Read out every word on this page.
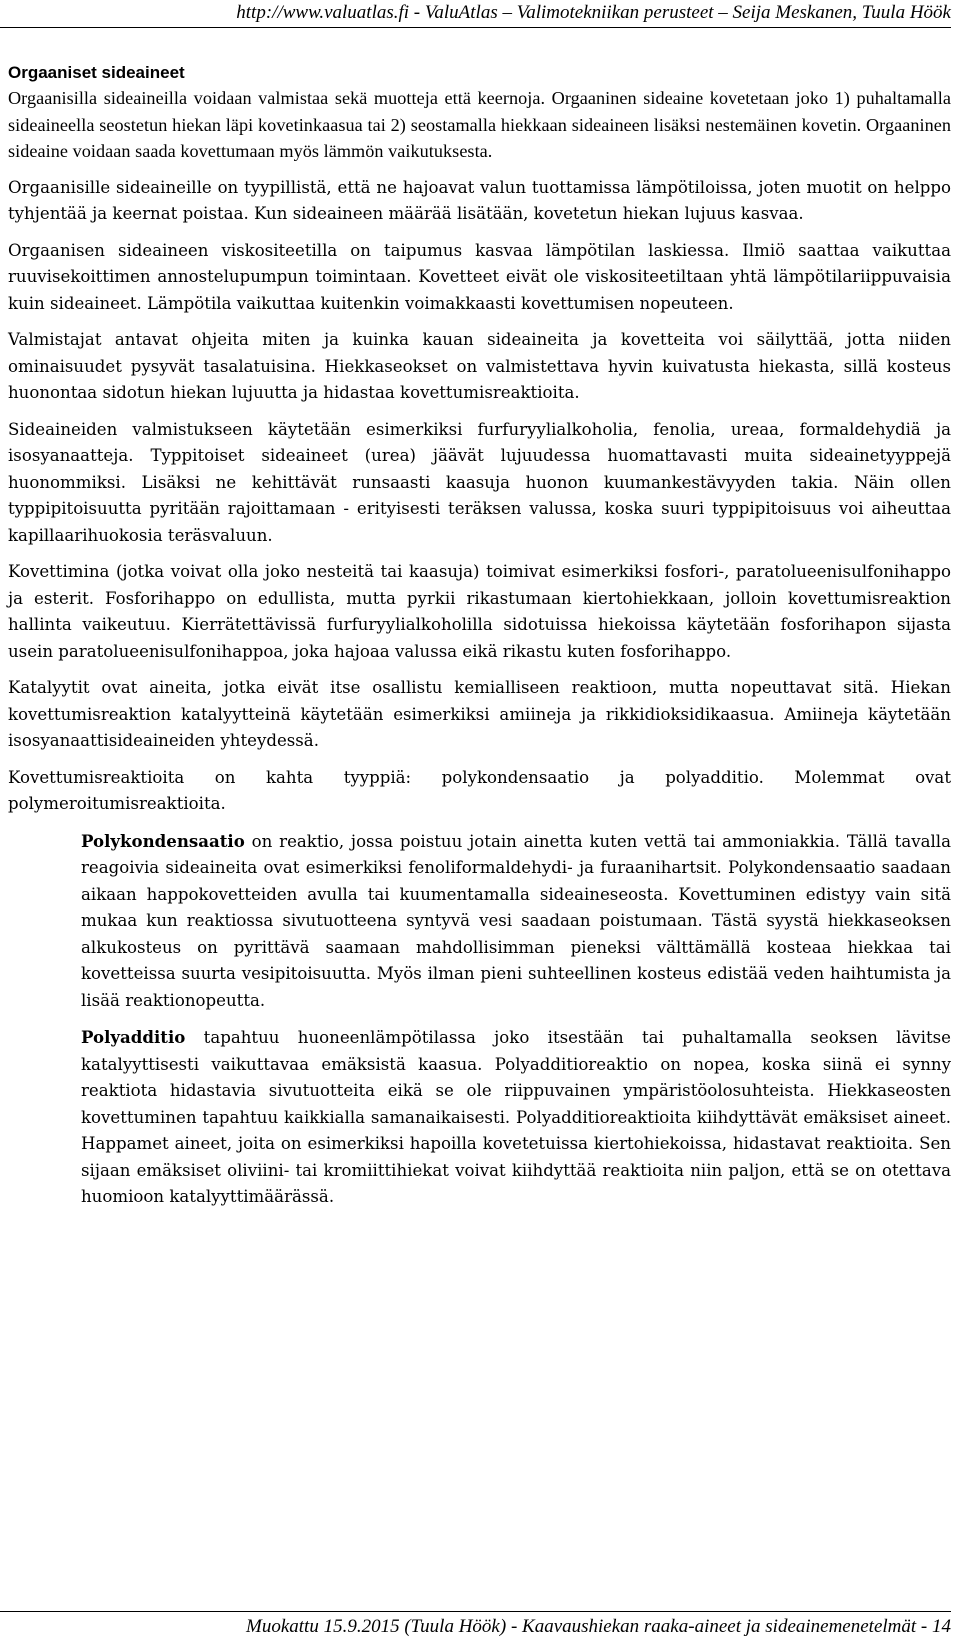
http://www.valuatlas.fi - ValuAtlas – Valimotekniikan perusteet – Seija Meskanen, Tuula Höök
Orgaaniset sideaineet

Orgaanisilla sideaineilla voidaan valmistaa sekä muotteja että keernoja. Orgaaninen sideaine kovetetaan joko 1) puhaltamalla sideaineella seostetun hiekan läpi kovetinkaasua tai 2) seostamalla hiekkaan sideaineen lisäksi nestemäinen kovetin. Orgaaninen sideaine voidaan saada kovettumaan myös lämmön vaikutuksesta.

Orgaanisille sideaineille on tyypillistä, että ne hajoavat valun tuottamissa lämpötiloissa, joten muotit on helppo tyhjentää ja keernat poistaa. Kun sideaineen määrää lisätään, kovetetun hiekan lujuus kasvaa.

Orgaanisen sideaineen viskositeetilla on taipumus kasvaa lämpötilan laskiessa. Ilmiö saattaa vaikuttaa ruuvisekoittimen annostelupumpun toimintaan. Kovetteet eivät ole viskositeetiltaan yhtä lämpötilariippuvaisia kuin sideaineet. Lämpötila vaikuttaa kuitenkin voimakkaasti kovettumisen nopeuteen.

Valmistajat antavat ohjeita miten ja kuinka kauan sideaineita ja kovetteita voi säilyttää, jotta niiden ominaisuudet pysyvät tasalatuisina. Hiekkaseokset on valmistettava hyvin kuivatusta hiekasta, sillä kosteus huonontaa sidotun hiekan lujuutta ja hidastaa kovettumisreaktioita.

Sideaineiden valmistukseen käytetään esimerkiksi furfuryylialkoholia, fenolia, ureaa, formaldehydiä ja isosyanaatteja. Typpitoiset sideaineet (urea) jäävät lujuudessa huomattavasti muita sideainetyyppejä huonommiksi. Lisäksi ne kehittävät runsaasti kaasuja huonon kuumankestävyyden takia. Näin ollen typpipitoisuutta pyritään rajoittamaan - erityisesti teräksen valussa, koska suuri typpipitoisuus voi aiheuttaa kapillaarihuokosia teräsvaluun.

Kovettimina (jotka voivat olla joko nesteitä tai kaasuja) toimivat esimerkiksi fosfori-, paratolueenisulfonihappo ja esterit. Fosforihappo on edullista, mutta pyrkii rikastumaan kiertohiekkaan, jolloin kovettumisreaktion hallinta vaikeutuu. Kierrätettävissä furfuryylialkoholilla sidotuissa hiekoissa käytetään fosforihapon sijasta usein paratolueenisulfonihappoa, joka hajoaa valussa eikä rikastu kuten fosforihappo.

Katalyytit ovat aineita, jotka eivät itse osallistu kemialliseen reaktioon, mutta nopeuttavat sitä. Hiekan kovettumisreaktion katalyytteinä käytetään esimerkiksi amiineja ja rikkidioksidikaasua. Amiineja käytetään isosyanaattisideaineiden yhteydessä.

Kovettumisreaktioita on kahta tyyppiä: polykondensaatio ja polyadditio. Molemmat ovat polymeroitumisreaktioita.

Polykondensaatio on reaktio, jossa poistuu jotain ainetta kuten vettä tai ammoniakkia. Tällä tavalla reagoivia sideaineita ovat esimerkiksi fenoliformaldehydi- ja furaanihartsit. Polykondensaatio saadaan aikaan happokovetteiden avulla tai kuumentamalla sideaineseosta. Kovettuminen edistyy vain sitä mukaa kun reaktiossa sivutuotteena syntyvä vesi saadaan poistumaan. Tästä syystä hiekkaseoksen alkukosteus on pyrittävä saamaan mahdollisimman pieneksi välttämällä kosteaa hiekkaa tai kovetteissa suurta vesipitoisuutta. Myös ilman pieni suhteellinen kosteus edistää veden haihtumista ja lisää reaktionopeutta.

Polyadditio tapahtuu huoneenlämpötilassa joko itsestään tai puhaltamalla seoksen lävitse katalyyttisesti vaikuttavaa emäksistä kaasua. Polyadditioreaktio on nopea, koska siinä ei synny reaktiota hidastavia sivutuotteita eikä se ole riippuvainen ympäristöolosuhteista. Hiekkaseosten kovettuminen tapahtuu kaikkialla samanaikaisesti. Polyadditioreaktioita kiihdyttävät emäksiset aineet. Happamet aineet, joita on esimerkiksi hapoilla kovetetuissa kiertohiekoissa, hidastavat reaktioita. Sen sijaan emäksiset oliviini- tai kromiittihiekat voivat kiihdyttää reaktioita niin paljon, että se on otettava huomioon katalyyttimäärässä.

Muokattu 15.9.2015 (Tuula Höök) - Kaavaushiekan raaka-aineet ja sideainemenetelmät - 14
